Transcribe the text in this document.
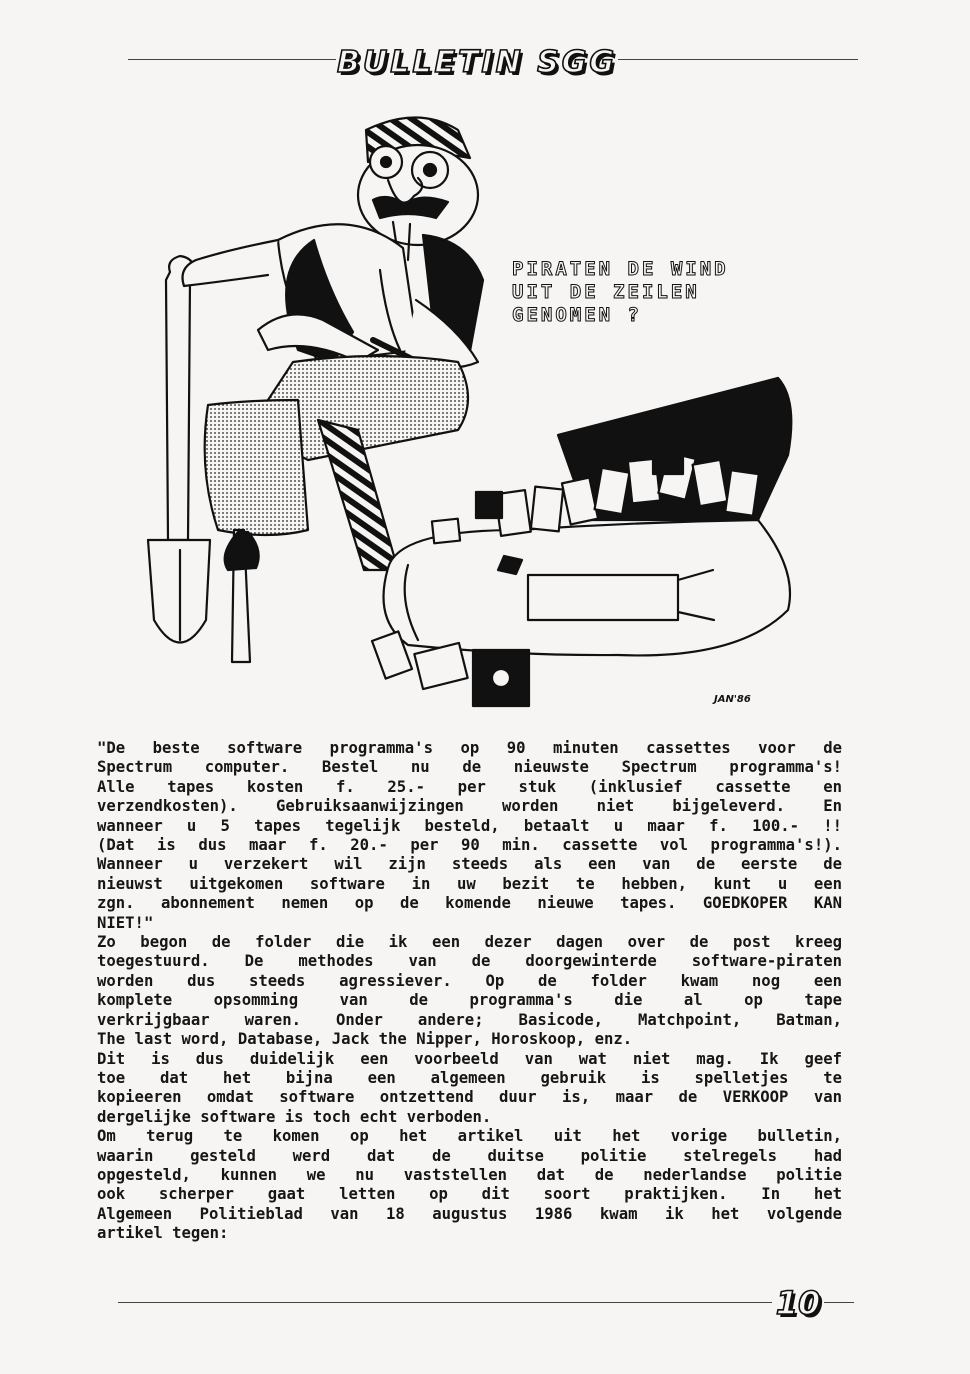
BULLETIN SGG
PIRATEN DE WIND
UIT DE ZEILEN
GENOMEN ?
JAN'86
"De beste software programma's op 90 minuten cassettes voor de
Spectrum computer. Bestel nu de nieuwste Spectrum programma's!
Alle tapes kosten f. 25.- per stuk (inklusief cassette en
verzendkosten). Gebruiksaanwijzingen worden niet bijgeleverd. En
wanneer u 5 tapes tegelijk besteld, betaalt u maar f. 100.- !!
(Dat is dus maar f. 20.- per 90 min. cassette vol programma's!).
Wanneer u verzekert wil zijn steeds als een van de eerste de
nieuwst uitgekomen software in uw bezit te hebben, kunt u een
zgn. abonnement nemen op de komende nieuwe tapes. GOEDKOPER KAN
NIET!"
Zo begon de folder die ik een dezer dagen over de post kreeg
toegestuurd. De methodes van de doorgewinterde software-piraten
worden dus steeds agressiever. Op de folder kwam nog een
komplete opsomming van de programma's die al op tape
verkrijgbaar waren. Onder andere; Basicode, Matchpoint, Batman,
The last word, Database, Jack the Nipper, Horoskoop, enz.
Dit is dus duidelijk een voorbeeld van wat niet mag. Ik geef
toe dat het bijna een algemeen gebruik is spelletjes te
kopieeren omdat software ontzettend duur is, maar de VERKOOP van
dergelijke software is toch echt verboden.
Om terug te komen op het artikel uit het vorige bulletin,
waarin gesteld werd dat de duitse politie stelregels had
opgesteld, kunnen we nu vaststellen dat de nederlandse politie
ook scherper gaat letten op dit soort praktijken. In het
Algemeen Politieblad van 18 augustus 1986 kwam ik het volgende
artikel tegen:
10
